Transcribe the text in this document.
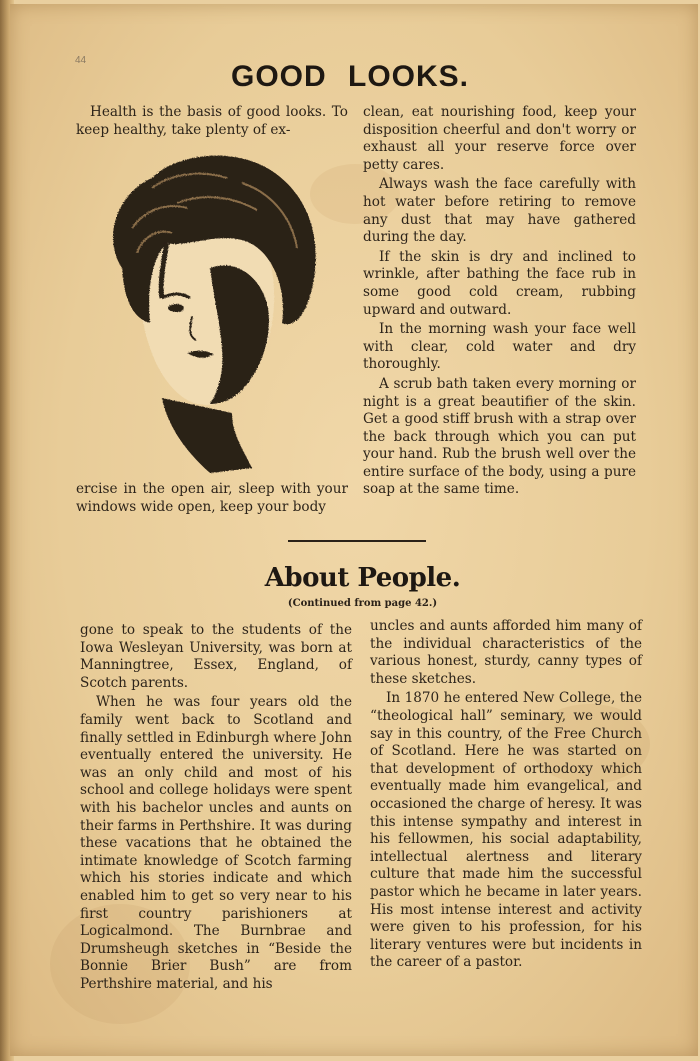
44	GOOD LOOKS.

Health is the basis of good looks. To keep healthy, take plenty of ex-

ercise in the open air, sleep with your windows wide open, keep your body

clean, eat nourishing food, keep your disposition cheerful and don't worry or exhaust all your reserve force over petty cares.

Always wash the face carefully with hot water before retiring to remove any dust that may have gathered during the day.

If the skin is dry and inclined to wrinkle, after bathing the face rub in some good cold cream, rubbing upward and outward.

In the morning wash your face well with clear, cold water and dry thoroughly.

A scrub bath taken every morning or night is a great beautifier of the skin. Get a good stiff brush with a strap over the back through which you can put your hand. Rub the brush well over the entire surface of the body, using a pure soap at the same time.

About People.
(Continued from page 42.)

gone to speak to the students of the Iowa Wesleyan University, was born at Manningtree, Essex, England, of Scotch parents.

When he was four years old the family went back to Scotland and finally settled in Edinburgh where John eventually entered the university. He was an only child and most of his school and college holidays were spent with his bachelor uncles and aunts on their farms in Perthshire. It was during these vacations that he obtained the intimate knowledge of Scotch farming which his stories indicate and which enabled him to get so very near to his first country parishioners at Logicalmond. The Burnbrae and Drumsheugh sketches in “Beside the Bonnie Brier Bush” are from Perthshire material, and his

uncles and aunts afforded him many of the individual characteristics of the various honest, sturdy, canny types of these sketches.

In 1870 he entered New College, the “theological hall” seminary, we would say in this country, of the Free Church of Scotland. Here he was started on that development of orthodoxy which eventually made him evangelical, and occasioned the charge of heresy. It was this intense sympathy and interest in his fellowmen, his social adaptability, intellectual alertness and literary culture that made him the successful pastor which he became in later years. His most intense interest and activity were given to his profession, for his literary ventures were but incidents in the career of a pastor.
